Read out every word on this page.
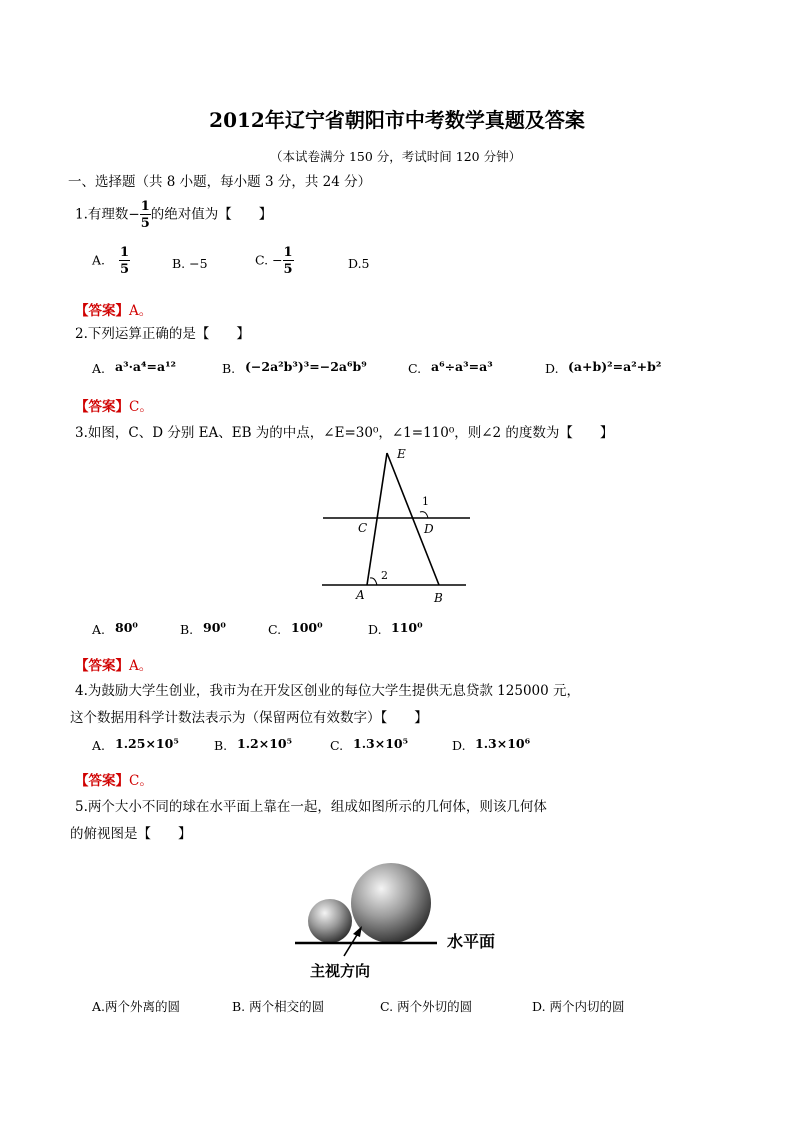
2012年辽宁省朝阳市中考数学真题及答案
（本试卷满分 150 分，考试时间 120 分钟）
一、选择题（共 8 小题，每小题 3 分，共 24 分）
1.有理数− $\frac{1}{5}$ 的绝对值为【　　】
A. $\frac{1}{5}$	B. −5	C. − $\frac{1}{5}$	D.5
【答案】A。
2.下列运算正确的是【　　】
A. a³·a⁴=a¹²	B. (−2a²b³)³=−2a⁶b⁹	C. a⁶÷a³=a³	D. (a+b)²=a²+b²
【答案】C。
3.如图，C、D 分别 EA、EB 为的中点，∠E=30⁰，∠1=110⁰，则∠2 的度数为【　　】
E
C	D
A	B
1
2
A. 80⁰	B. 90⁰	C. 100⁰	D. 110⁰
【答案】A。
4.为鼓励大学生创业，我市为在开发区创业的每位大学生提供无息贷款 125000 元，
这个数据用科学计数法表示为（保留两位有效数字）【　　】
A. 1.25×10⁵	B. 1.2×10⁵	C. 1.3×10⁵	D. 1.3×10⁶
【答案】C。
5.两个大小不同的球在水平面上靠在一起，组成如图所示的几何体，则该几何体
的俯视图是【　　】
水平面
主视方向
A.两个外离的圆	B. 两个相交的圆	C. 两个外切的圆	D. 两个内切的圆
